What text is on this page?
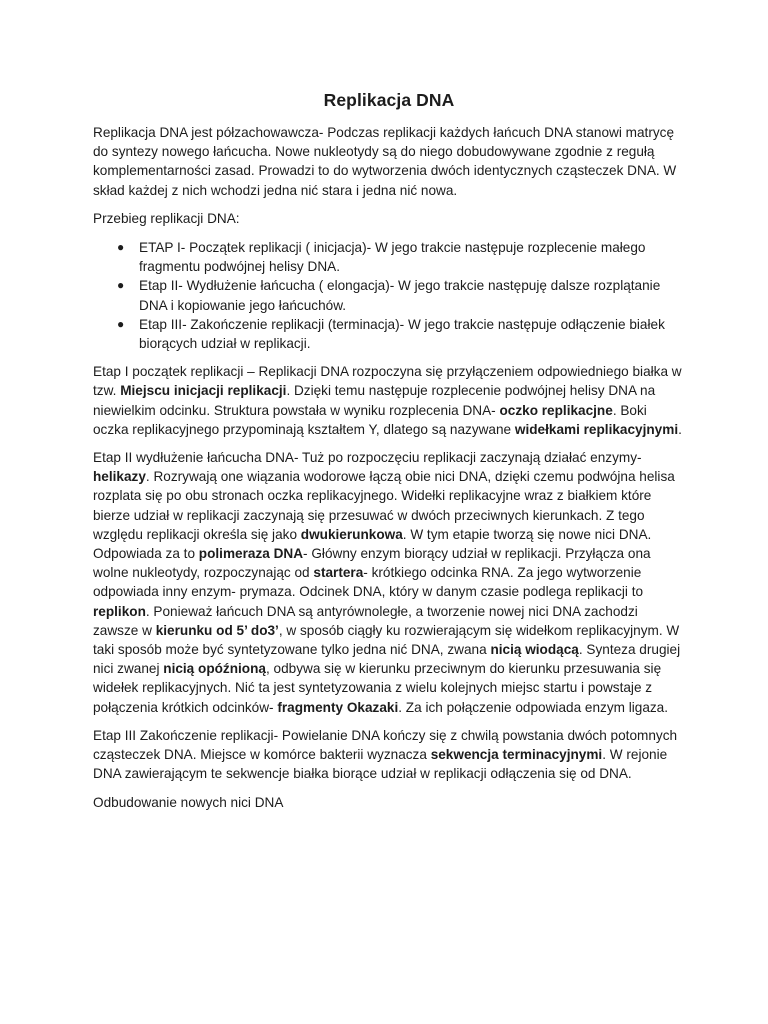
Replikacja DNA

Replikacja DNA jest półzachowawcza- Podczas replikacji każdych łańcuch DNA stanowi matrycę do syntezy nowego łańcucha. Nowe nukleotydy są do niego dobudowywane zgodnie z regułą komplementarności zasad. Prowadzi to do wytworzenia dwóch identycznych cząsteczek DNA. W skład każdej z nich wchodzi jedna nić stara i jedna nić nowa.

Przebieg replikacji DNA:

● ETAP I- Początek replikacji ( inicjacja)- W jego trakcie następuje rozplecenie małego fragmentu podwójnej helisy DNA.
● Etap II- Wydłużenie łańcucha ( elongacja)- W jego trakcie następuję dalsze rozplątanie DNA i kopiowanie jego łańcuchów.
● Etap III- Zakończenie replikacji (terminacja)- W jego trakcie następuje odłączenie białek biorących udział w replikacji.

Etap I początek replikacji – Replikacji DNA rozpoczyna się przyłączeniem odpowiedniego białka w tzw. Miejscu inicjacji replikacji. Dzięki temu następuje rozplecenie podwójnej helisy DNA na niewielkim odcinku. Struktura powstała w wyniku rozplecenia DNA- oczko replikacjne. Boki oczka replikacyjnego przypominają kształtem Y, dlatego są nazywane widełkami replikacyjnymi.

Etap II wydłużenie łańcucha DNA- Tuż po rozpoczęciu replikacji zaczynają działać enzymy- helikazy. Rozrywają one wiązania wodorowe łączą obie nici DNA, dzięki czemu podwójna helisa rozplata się po obu stronach oczka replikacyjnego. Widełki replikacyjne wraz z białkiem które bierze udział w replikacji zaczynają się przesuwać w dwóch przeciwnych kierunkach. Z tego względu replikacji określa się jako dwukierunkowa. W tym etapie tworzą się nowe nici DNA. Odpowiada za to polimeraza DNA- Główny enzym biorący udział w replikacji. Przyłącza ona wolne nukleotydy, rozpoczynając od startera- krótkiego odcinka RNA. Za jego wytworzenie odpowiada inny enzym- prymaza. Odcinek DNA, który w danym czasie podlega replikacji to replikon. Ponieważ łańcuch DNA są antyrównoległe, a tworzenie nowej nici DNA zachodzi zawsze w kierunku od 5’ do3’, w sposób ciągły ku rozwierającym się widełkom replikacyjnym. W taki sposób może być syntetyzowane tylko jedna nić DNA, zwana nicią wiodącą. Synteza drugiej nici zwanej nicią opóźnioną, odbywa się w kierunku przeciwnym do kierunku przesuwania się widełek replikacyjnych. Nić ta jest syntetyzowania z wielu kolejnych miejsc startu i powstaje z połączenia krótkich odcinków- fragmenty Okazaki. Za ich połączenie odpowiada enzym ligaza.

Etap III Zakończenie replikacji- Powielanie DNA kończy się z chwilą powstania dwóch potomnych cząsteczek DNA. Miejsce w komórce bakterii wyznacza sekwencja terminacyjnymi. W rejonie DNA zawierającym te sekwencje białka biorące udział w replikacji odłączenia się od DNA.

Odbudowanie nowych nici DNA
